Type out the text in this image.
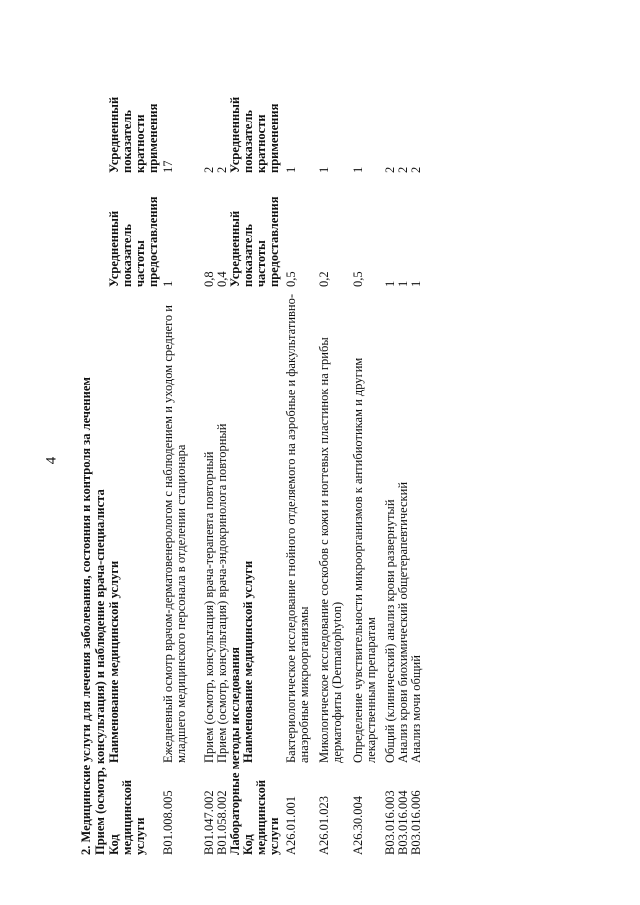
4 2. Медицинские услуги для лечения заболевания, состояния и контроля за лечением Прием (осмотр, консультация) и наблюдение врача-специалиста Код
медицинской
услуги
Наименование медицинской услуги
Усредненный
показатель
частоты
предоставления
Усредненный
показатель
кратности
применения
B01.008.005
Ежедневный осмотр врачом-дерматовенерологом с наблюдением и уходом среднего и младшего медицинского персонала в отделении стационара
1
17
B01.047.002
Прием (осмотр, консультация) врача-терапевта повторный
0,8
2
B01.058.002
Прием (осмотр, консультация) врача-эндокринолога повторный
0,4
2
Лабораторные методы исследования Код
медицинской
услуги
Наименование медицинской услуги
Усредненный
показатель
частоты
предоставления
Усредненный
показатель
кратности
применения
A26.01.001
Бактериологическое исследование гнойного отделяемого на аэробные и факультативно-анаэробные микроорганизмы
0,5
1
A26.01.023
Микологическое исследование соскобов с кожи и ногтевых пластинок на грибы дерматофиты (Dermatophyton)
0,2
1
A26.30.004
Определение чувствительности микроорганизмов к антибиотикам и другим лекарственным препаратам
0,5
1
B03.016.003
Общий (клинический) анализ крови развернутый
1
2
B03.016.004
Анализ крови биохимический общетерапевтический
1
2
B03.016.006
Анализ мочи общий
1
2
